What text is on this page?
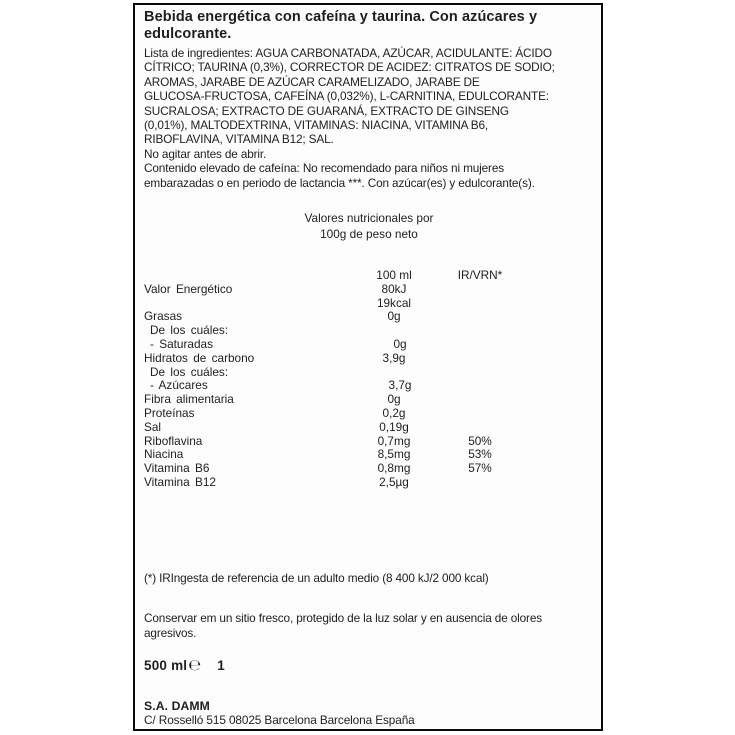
Bebida energética con cafeína y taurina. Con azúcares y
edulcorante.
Lista de ingredientes: AGUA CARBONATADA, AZÚCAR, ACIDULANTE: ÁCIDO
CÍTRICO; TAURINA (0,3%), CORRECTOR DE ACIDEZ: CITRATOS DE SODIO;
AROMAS, JARABE DE AZÚCAR CARAMELIZADO, JARABE DE
GLUCOSA-FRUCTOSA, CAFEÍNA (0,032%), L-CARNITINA, EDULCORANTE:
SUCRALOSA; EXTRACTO DE GUARANÁ, EXTRACTO DE GINSENG
(0,01%), MALTODEXTRINA, VITAMINAS: NIACINA, VITAMINA B6,
RIBOFLAVINA, VITAMINA B12; SAL.
No agitar antes de abrir.
Contenido elevado de cafeína: No recomendado para niños ni mujeres
embarazadas o en periodo de lactancia ***. Con azúcar(es) y edulcorante(s).
Valores nutricionales por
100g de peso neto
100 ml	IR/VRN*
Valor Energético	80kJ
19kcal
Grasas	0g
De los cuáles:
- Saturadas	0g
Hidratos de carbono	3,9g
De los cuáles:
- Azúcares	3,7g
Fibra alimentaria	0g
Proteínas	0,2g
Sal	0,19g
Riboflavina	0,7mg	50%
Niacina	8,5mg	53%
Vitamina B6	0,8mg	57%
Vitamina B12	2,5µg
(*) IRIngesta de referencia de un adulto medio (8 400 kJ/2 000 kcal)
Conservar em un sitio fresco, protegido de la luz solar y en ausencia de olores
agresivos.
500 ml℮ 1
S.A. DAMM
C/ Rosselló 515 08025 Barcelona Barcelona España
